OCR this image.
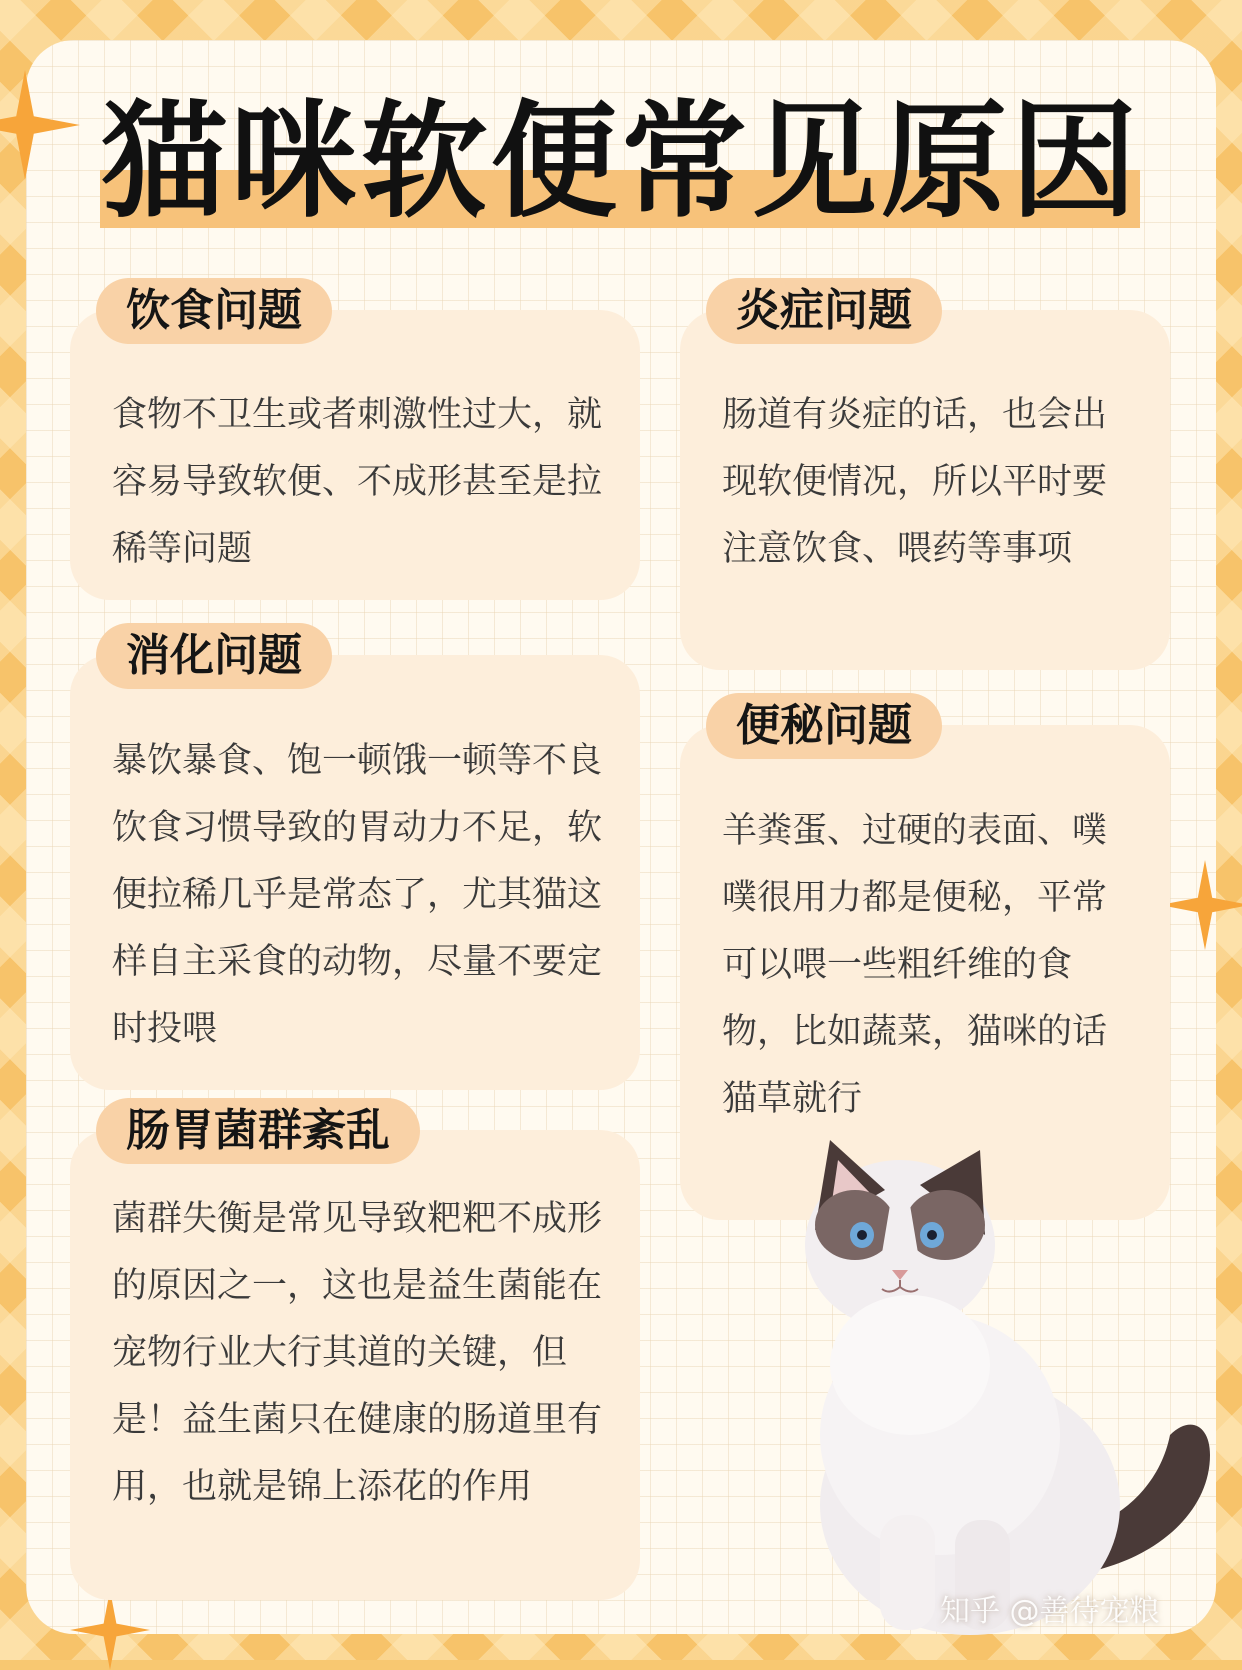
猫咪软便常见原因
饮食问题

食物不卫生或者刺激性过大，就容易导致软便、不成形甚至是拉稀等问题

炎症问题

肠道有炎症的话，也会出现软便情况，所以平时要注意饮食、喂药等事项

消化问题

暴饮暴食、饱一顿饿一顿等不良饮食习惯导致的胃动力不足，软便拉稀几乎是常态了，尤其猫这样自主采食的动物，尽量不要定时投喂

便秘问题

羊粪蛋、过硬的表面、噗噗很用力都是便秘，平常可以喂一些粗纤维的食物，比如蔬菜，猫咪的话猫草就行

肠胃菌群紊乱

菌群失衡是常见导致粑粑不成形的原因之一，这也是益生菌能在宠物行业大行其道的关键，但是！益生菌只在健康的肠道里有用，也就是锦上添花的作用

知乎 @善待宠粮
